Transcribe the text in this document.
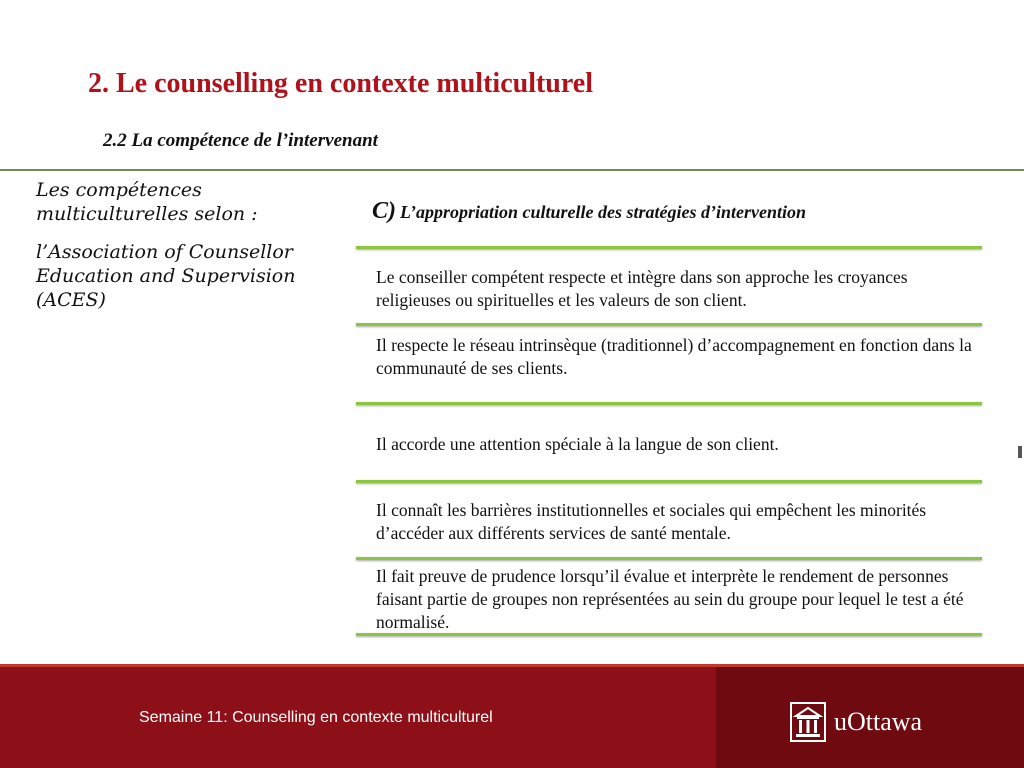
2. Le counselling en contexte multiculturel
2.2 La compétence de l’intervenant

Les compétences multiculturelles selon :

l’Association of Counsellor Education and Supervision (ACES)

C) L’appropriation culturelle des stratégies d’intervention
Le conseiller compétent respecte et intègre dans son approche les croyances religieuses ou spirituelles et les valeurs de son client.
Il respecte le réseau intrinsèque (traditionnel) d’accompagnement en fonction dans la communauté de ses clients.
Il accorde une attention spéciale à la langue de son client.
Il connaît les barrières institutionnelles et sociales qui empêchent les minorités d’accéder aux différents services de santé mentale.
Il fait preuve de prudence lorsqu’il évalue et interprète le rendement de personnes faisant partie de groupes non représentées au sein du groupe pour lequel le test a été normalisé.
Semaine 11: Counselling en contexte multiculturel	uOttawa
